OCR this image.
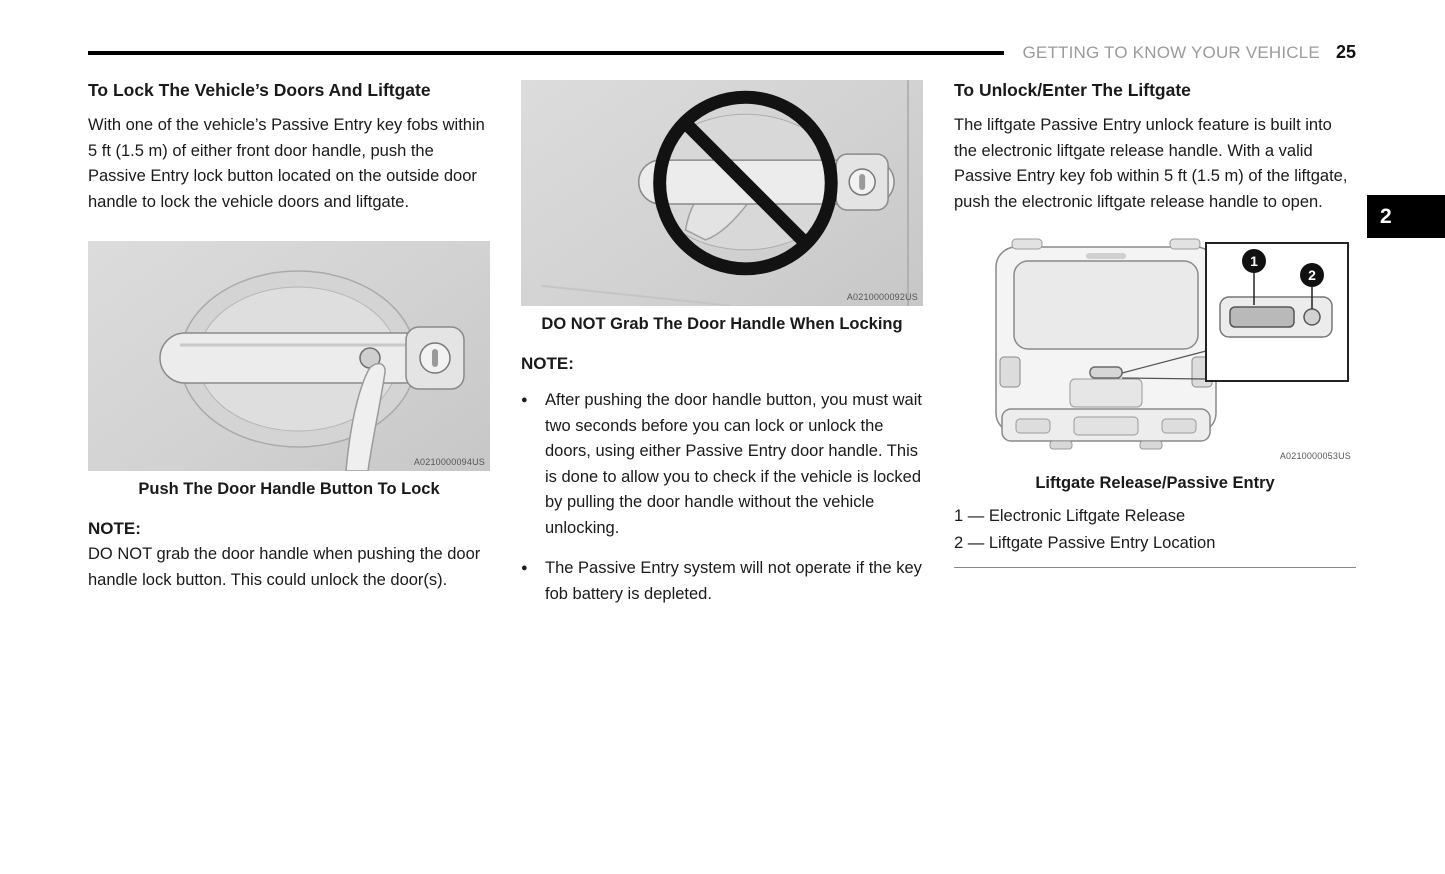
GETTING TO KNOW YOUR VEHICLE 25
2
To Lock The Vehicle’s Doors And Liftgate

With one of the vehicle’s Passive Entry key fobs within 5 ft (1.5 m) of either front door handle, push the Passive Entry lock button located on the outside door handle to lock the vehicle doors and liftgate.

A0210000094US
Push The Door Handle Button To Lock
NOTE:

DO NOT grab the door handle when pushing the door handle lock button. This could unlock the door(s).

A0210000092US
DO NOT Grab The Door Handle When Locking
NOTE:
● After pushing the door handle button, you must wait two seconds before you can lock or unlock the doors, using either Passive Entry door handle. This is done to allow you to check if the vehicle is locked by pulling the door handle without the vehicle unlocking.
● The Passive Entry system will not operate if the key fob battery is depleted.
To Unlock/Enter The Liftgate

The liftgate Passive Entry unlock feature is built into the electronic liftgate release handle. With a valid Passive Entry key fob within 5 ft (1.5 m) of the liftgate, push the electronic liftgate release handle to open.

1
2
A0210000053US
Liftgate Release/Passive Entry
1 — Electronic Liftgate Release
2 — Liftgate Passive Entry Location
